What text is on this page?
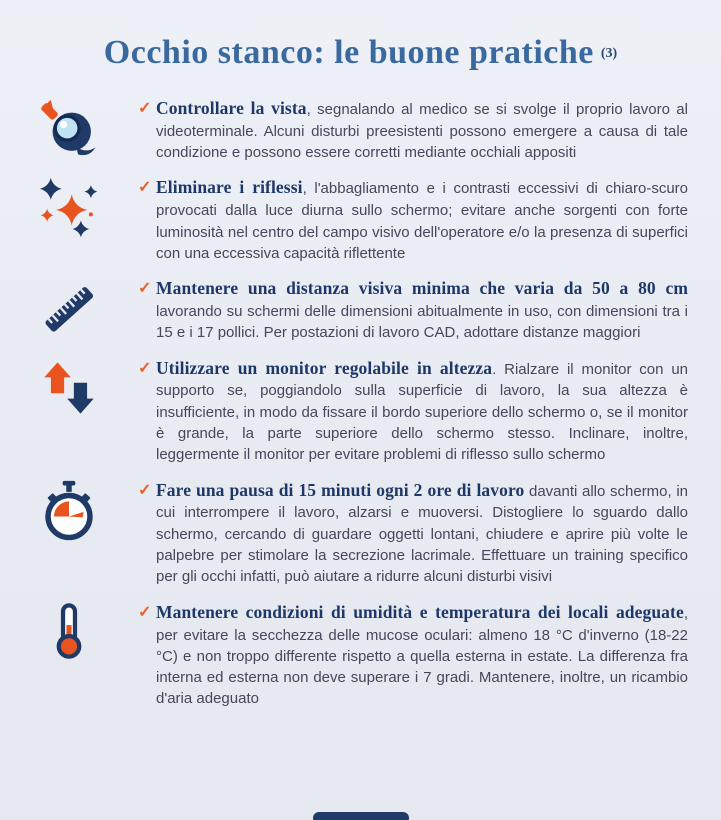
Occhio stanco: le buone pratiche (3)
✓ Controllare la vista, segnalando al medico se si svolge il proprio lavoro al videoterminale. Alcuni disturbi preesistenti possono emergere a causa di tale condizione e possono essere corretti mediante occhiali appositi
✓ Eliminare i riflessi, l'abbagliamento e i contrasti eccessivi di chiaro-scuro provocati dalla luce diurna sullo schermo; evitare anche sorgenti con forte luminosità nel centro del campo visivo dell'operatore e/o la presenza di superfici con una eccessiva capacità riflettente
✓ Mantenere una distanza visiva minima che varia da 50 a 80 cm lavorando su schermi delle dimensioni abitualmente in uso, con dimensioni tra i 15 e i 17 pollici. Per postazioni di lavoro CAD, adottare distanze maggiori
✓ Utilizzare un monitor regolabile in altezza. Rialzare il monitor con un supporto se, poggiandolo sulla superficie di lavoro, la sua altezza è insufficiente, in modo da fissare il bordo superiore dello schermo o, se il monitor è grande, la parte superiore dello schermo stesso. Inclinare, inoltre, leggermente il monitor per evitare problemi di riflesso sullo schermo
✓ Fare una pausa di 15 minuti ogni 2 ore di lavoro davanti allo schermo, in cui interrompere il lavoro, alzarsi e muoversi. Distogliere lo sguardo dallo schermo, cercando di guardare oggetti lontani, chiudere e aprire più volte le palpebre per stimolare la secrezione lacrimale. Effettuare un training specifico per gli occhi infatti, può aiutare a ridurre alcuni disturbi visivi
✓ Mantenere condizioni di umidità e temperatura dei locali adeguate, per evitare la secchezza delle mucose oculari: almeno 18 °C d'inverno (18-22 °C) e non troppo differente rispetto a quella esterna in estate. La differenza fra interna ed esterna non deve superare i 7 gradi. Mantenere, inoltre, un ricambio d'aria adeguato
